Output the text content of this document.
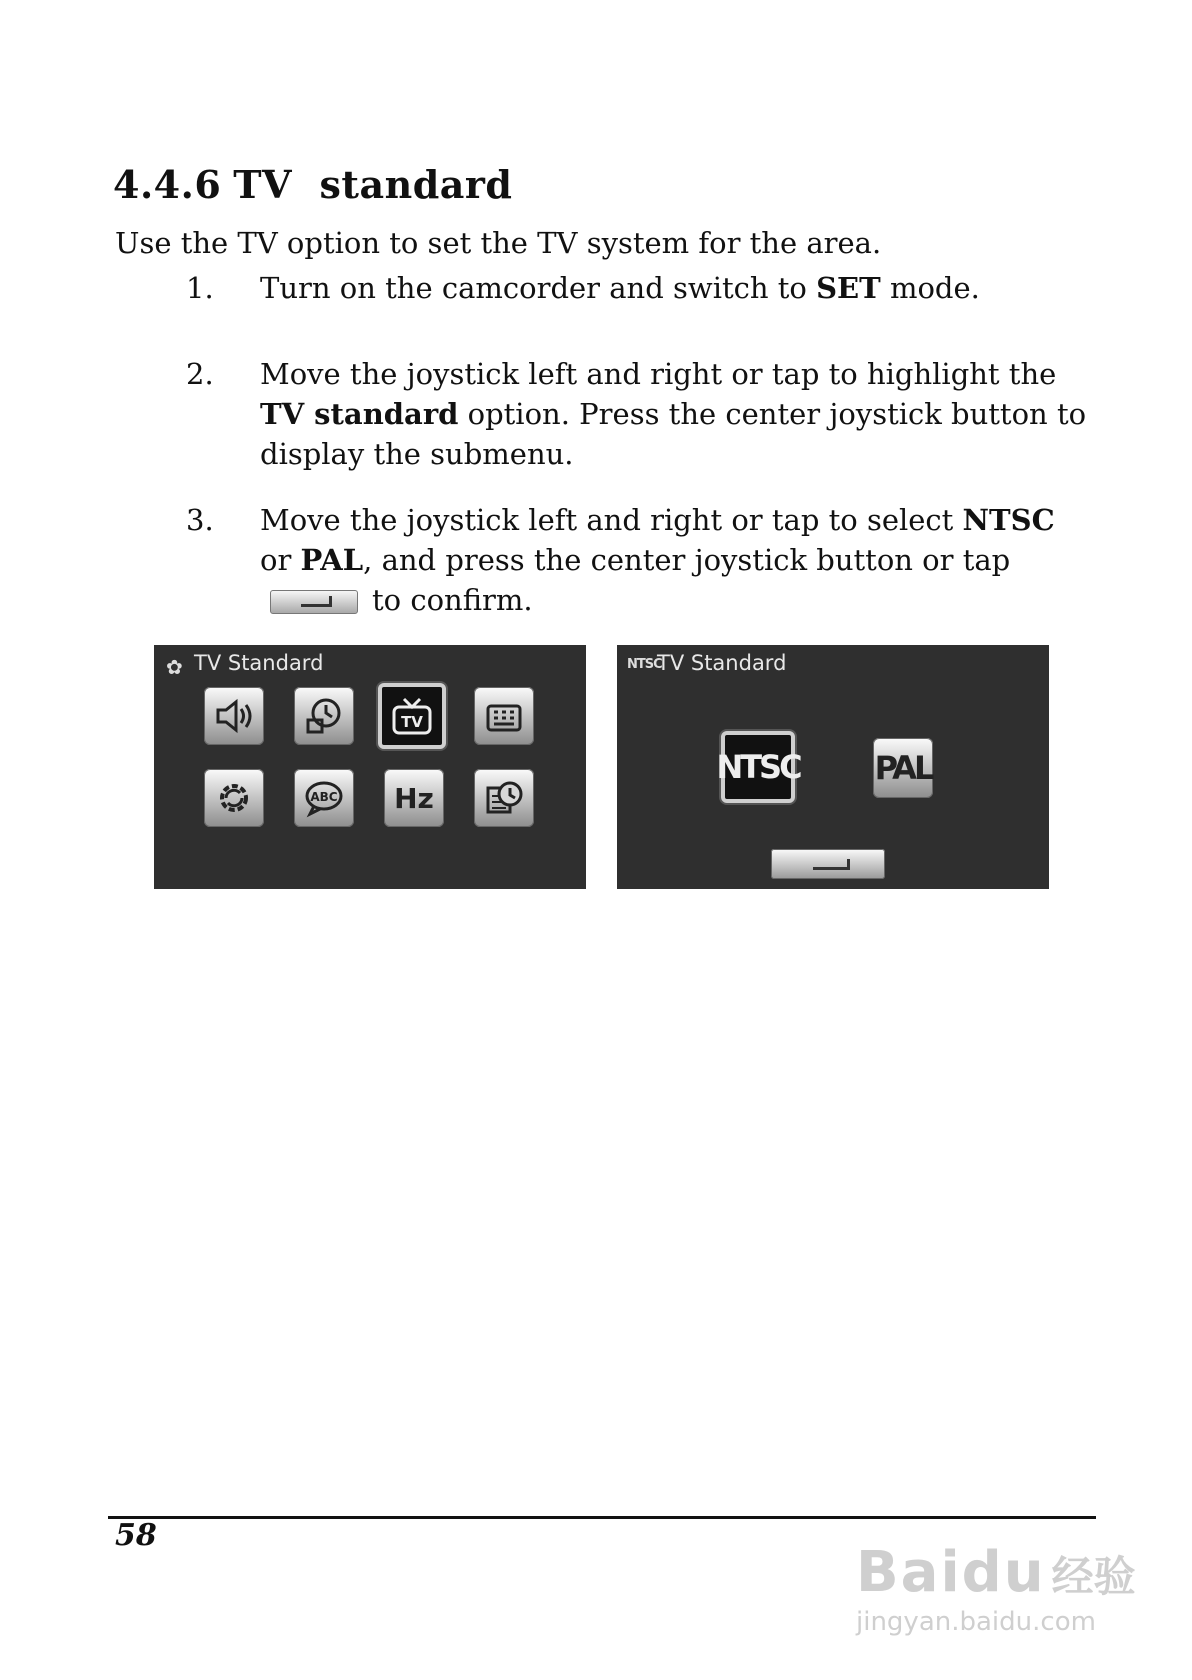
4.4.6 TV  standard

Use the TV option to set the TV system for the area.

1. Turn on the camcorder and switch to SET mode.
2. Move the joystick left and right or tap to highlight the TV standard option. Press the center joystick button to display the submenu.
3. Move the joystick left and right or tap to select NTSC or PAL, and press the center joystick button or tapto confirm.
✿ TV Standard
TV
ABC	Hz
NTSC
TV Standard
NTSC PAL
58
Baidu 经验
jingyan.baidu.com
